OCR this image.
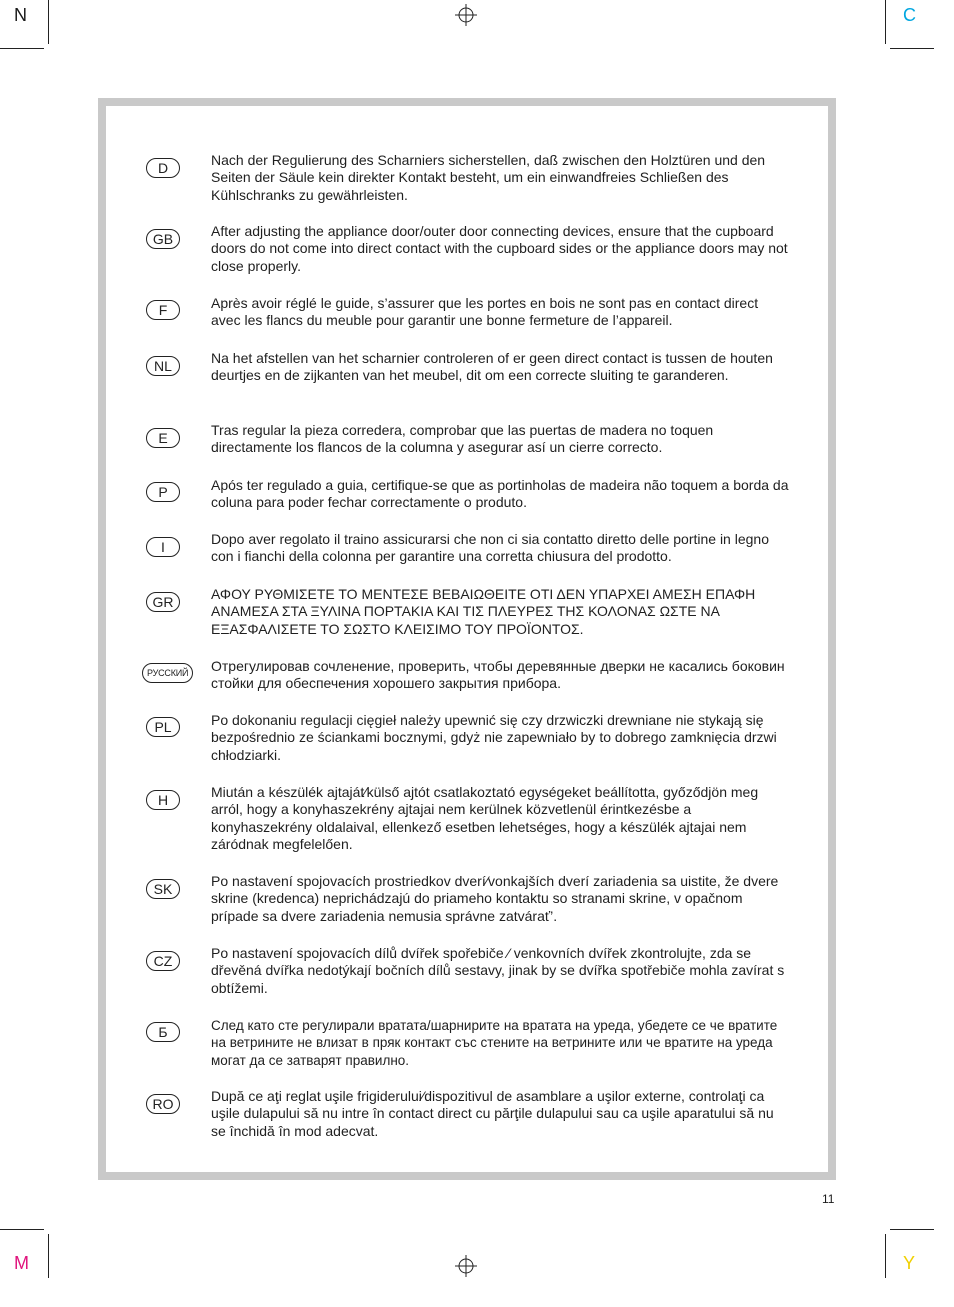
N	C
M	Y
D	Nach der Regulierung des Scharniers sicherstellen, daß zwischen den Holztüren und den Seiten der Säule kein direkter Kontakt besteht, um ein einwandfreies Schließen des Kühlschranks zu gewährleisten.
GB	After adjusting the appliance door/outer door connecting devices, ensure that the cupboard doors do not come into direct contact with the cupboard sides or the appliance doors may not close properly.
F	Après avoir réglé le guide, s’assurer que les portes en bois ne sont pas en contact direct avec les flancs du meuble pour garantir une bonne fermeture de l’appareil.
NL	Na het afstellen van het scharnier controleren of er geen direct contact is tussen de houten deurtjes en de zijkanten van het meubel, dit om een correcte sluiting te garanderen.
E	Tras regular la pieza corredera, comprobar que las puertas de madera no toquen directamente los flancos de la columna y asegurar así un cierre correcto.
P	Após ter regulado a guia, certifique-se que as portinholas de madeira não toquem a borda da coluna para poder fechar correctamente o produto.
I	Dopo aver regolato il traino assicurarsi che non ci sia contatto diretto delle portine in legno con i fianchi della colonna per garantire una corretta chiusura del prodotto.
GR	ΑΦΟΥ ΡΥΘΜΙΣΕΤΕ ΤΟ ΜΕΝΤΕΣΕ ΒΕΒΑΙΩΘΕΙΤΕ ΟΤΙ ΔΕΝ ΥΠΑΡΧΕΙ ΑΜΕΣΗ ΕΠΑΦΗ ΑΝΑΜΕΣΑ ΣΤΑ ΞΥΛΙΝΑ ΠΟΡΤΑΚΙΑ ΚΑΙ ΤΙΣ ΠΛΕΥΡΕΣ ΤΗΣ ΚΟΛΟΝΑΣ ΩΣΤΕ ΝΑ ΕΞΑΣΦΑΛΙΣΕΤΕ ΤΟ ΣΩΣΤΟ ΚΛΕΙΣΙΜΟ ΤΟΥ ΠΡΟΪΟΝΤΟΣ.
РУССКИЙ	Отрегулировав сочленение, проверить, чтобы деревянные дверки не касались боковин стойки для обеспечения хорошего закрытия прибора.
PL	Po dokonaniu regulacji cięgieł należy upewnić się czy drzwiczki drewniane nie stykają się bezpośrednio ze ściankami bocznymi, gdyż nie zapewniało by to dobrego zamknięcia drzwi chłodziarki.
H	Miután a készülék ajtaját⁄külső ajtót csatlakoztató egységeket beállította, győződjön meg arról, hogy a konyhaszekrény ajtajai nem kerülnek közvetlenül érintkezésbe a konyhaszekrény oldalaival, ellenkező esetben lehetséges, hogy a készülék ajtajai nem záródnak megfelelően.
SK	Po nastavení spojovacích prostriedkov dverí⁄vonkajších dverí zariadenia sa uistite, že dvere skrine (kredenca) neprichádzajú do priameho kontaktu so stranami skrine, v opačnom prípade sa dvere zariadenia nemusia správne zatvárať’.
CZ	Po nastavení spojovacích dílů dvířek spořebiče ⁄ venkovních dvířek zkontrolujte, zda se dřevěná dvířka nedotýkají bočních dílů sestavy, jinak by se dvířka spotřebiče mohla zavírat s obtížemi.
Б	След като сте регулирали вратата/шарнирите на вратата на уреда, убедете се че вратите на ветрините не влизат в пряк контакт със стените на ветрините или че вратите на уреда могат да се затварят правилно.
RO	După ce aţi reglat uşile frigiderului⁄dispozitivul de asamblare a uşilor externe, controlaţi ca uşile dulapului să nu intre în contact direct cu părţile dulapului sau ca uşile aparatului să nu se închidă în mod adecvat.
11
